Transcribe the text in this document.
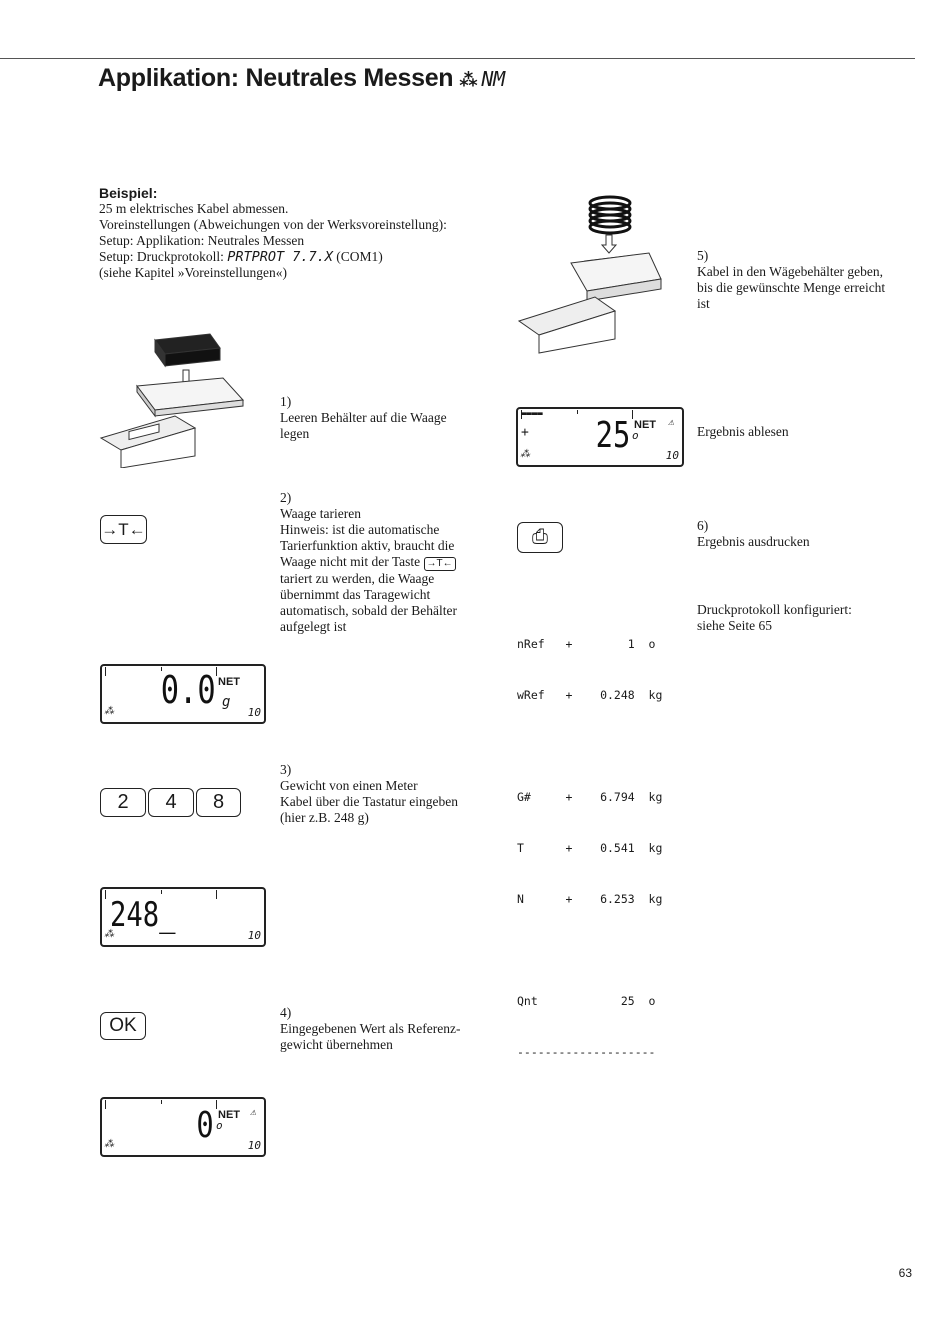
Applikation: Neutrales Messen ⁂ NM
Beispiel:
25 m elektrisches Kabel abmessen.
Voreinstellungen (Abweichungen von der Werksvoreinstellung):
Setup: Applikation: Neutrales Messen
Setup: Druckprotokoll: PRTPROT 7.7.X (COM1)
(siehe Kapitel »Voreinstellungen«)
1)
Leeren Behälter auf die Waage
legen
→T←
2)
Waage tarieren
Hinweis: ist die automatische
Tarierfunktion aktiv, braucht die
Waage nicht mit der Taste →T←
tariert zu werden, die Waage
übernimmt das Taragewicht
automatisch, sobald der Behälter
aufgelegt ist
0.0 NET
g
⁂	10
3)
Gewicht von einen Meter
Kabel über die Tastatur eingeben
(hier z.B. 248 g)
2	4	8
248_
⁂	10
OK
4)
Eingegebenen Wert als Referenz-
gewicht übernehmen
0 NET
o
⚠
⁂	10
5)
Kabel in den Wägebehälter geben,
bis die gewünschte Menge erreicht
ist
▬▬▬▬
+ 25 NET
o
⚠
⁂	10
Ergebnis ablesen
⎙
6)
Ergebnis ausdrucken
Druckprotokoll konfiguriert:
siehe Seite 65

nRef   +        1  o

wRef   +    0.248  kg

G#     +    6.794  kg

T      +    0.541  kg

N      +    6.253  kg

Qnt            25  o

--------------------

63
